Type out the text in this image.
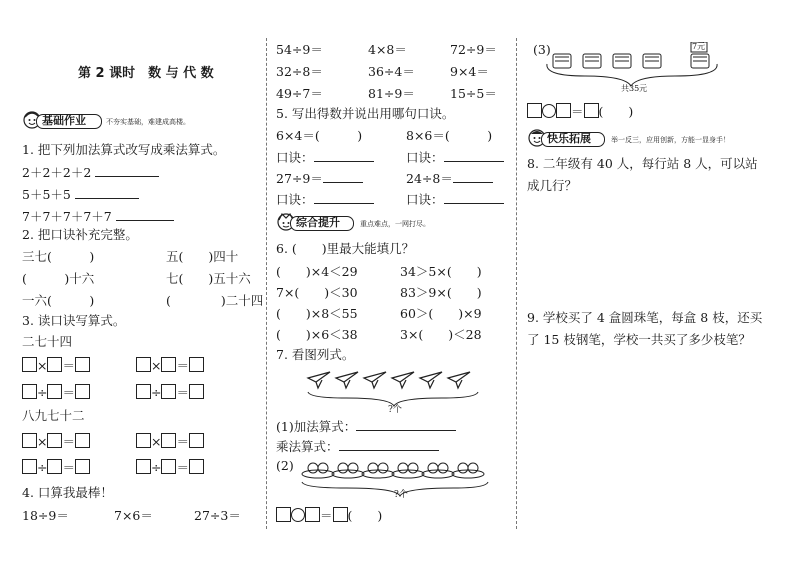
第 2 课时　数 与 代 数
基础作业	不夯实基础，难建成高楼。
1. 把下列加法算式改写成乘法算式。
2＋2＋2＋2
5＋5＋5
7＋7＋7＋7＋7
2. 把口诀补充完整。
三七(　　　)	五(　　)四十
(　　　)十六	七(　　)五十六
一六(　　　)	(　　　　)二十四
3. 读口诀写算式。
二七十四
× ＝	× ＝
÷ ＝	÷ ＝
八九七十二
× ＝	× ＝
÷ ＝	÷ ＝
4. 口算我最棒！
18÷9＝	7×6＝	27÷3＝
54÷9＝	4×8＝	72÷9＝
32÷8＝	36÷4＝	9×4＝
49÷7＝	81÷9＝	15÷5＝
5. 写出得数并说出用哪句口诀。
6×4＝(　　　)	8×6＝(　　　)
口诀：	口诀：
27÷9＝	24÷8＝
口诀：	口诀：
综合提升	重点难点，一网打尽。
6. (　　)里最大能填几？
(　　)×4＜29	34＞5×(　　)
7×(　　)＜30	83＞9×(　　)
(　　)×8＜55	60＞(　　)×9
(　　)×6＜38	3×(　　)＜28
7. 看图列式。
?个
(1)加法算式：
乘法算式：
(2)
?个
＝ (　　)
(3)	7元
共35元
＝ (　　)
快乐拓展	举一反三，应用创新，方能一显身手！
8. 二年级有 40 人，每行站 8 人，可以站
成几行？
9. 学校买了 4 盒圆珠笔，每盒 8 枝，还买
了 15 枝钢笔，学校一共买了多少枝笔？
